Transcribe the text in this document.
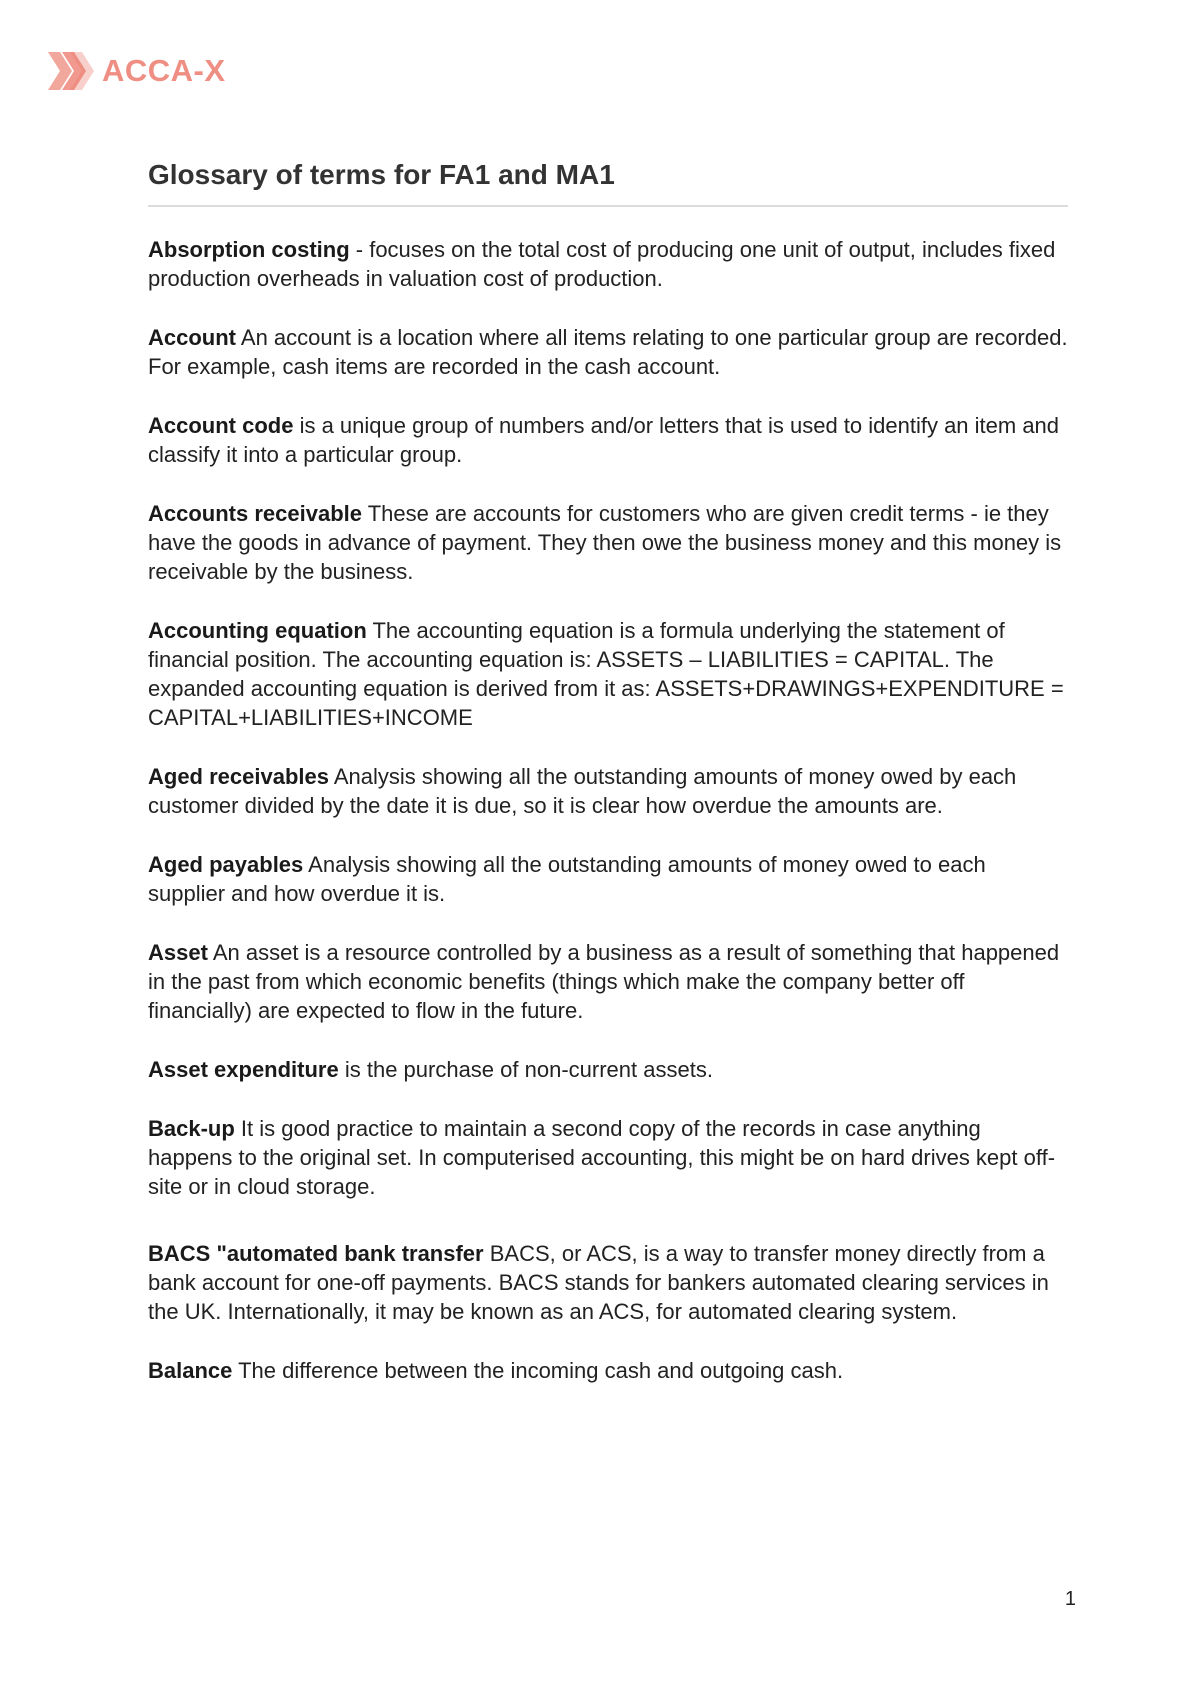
ACCA-X
Glossary of terms for FA1 and MA1

Absorption costing - focuses on the total cost of producing one unit of output, includes fixed production overheads in valuation cost of production.

Account An account is a location where all items relating to one particular group are recorded. For example, cash items are recorded in the cash account.

Account code is a unique group of numbers and/or letters that is used to identify an item and classify it into a particular group.

Accounts receivable These are accounts for customers who are given credit terms - ie they have the goods in advance of payment. They then owe the business money and this money is receivable by the business.

Accounting equation The accounting equation is a formula underlying the statement of financial position. The accounting equation is: ASSETS – LIABILITIES = CAPITAL. The expanded accounting equation is derived from it as: ASSETS+DRAWINGS+EXPENDITURE = CAPITAL+LIABILITIES+INCOME

Aged receivables Analysis showing all the outstanding amounts of money owed by each customer divided by the date it is due, so it is clear how overdue the amounts are.

Aged payables Analysis showing all the outstanding amounts of money owed to each supplier and how overdue it is.

Asset An asset is a resource controlled by a business as a result of something that happened in the past from which economic benefits (things which make the company better off financially) are expected to flow in the future.

Asset expenditure is the purchase of non-current assets.

Back-up It is good practice to maintain a second copy of the records in case anything happens to the original set. In computerised accounting, this might be on hard drives kept off-site or in cloud storage.

BACS "automated bank transfer BACS, or ACS, is a way to transfer money directly from a bank account for one-off payments. BACS stands for bankers automated clearing services in the UK. Internationally, it may be known as an ACS, for automated clearing system.

Balance The difference between the incoming cash and outgoing cash.

1
